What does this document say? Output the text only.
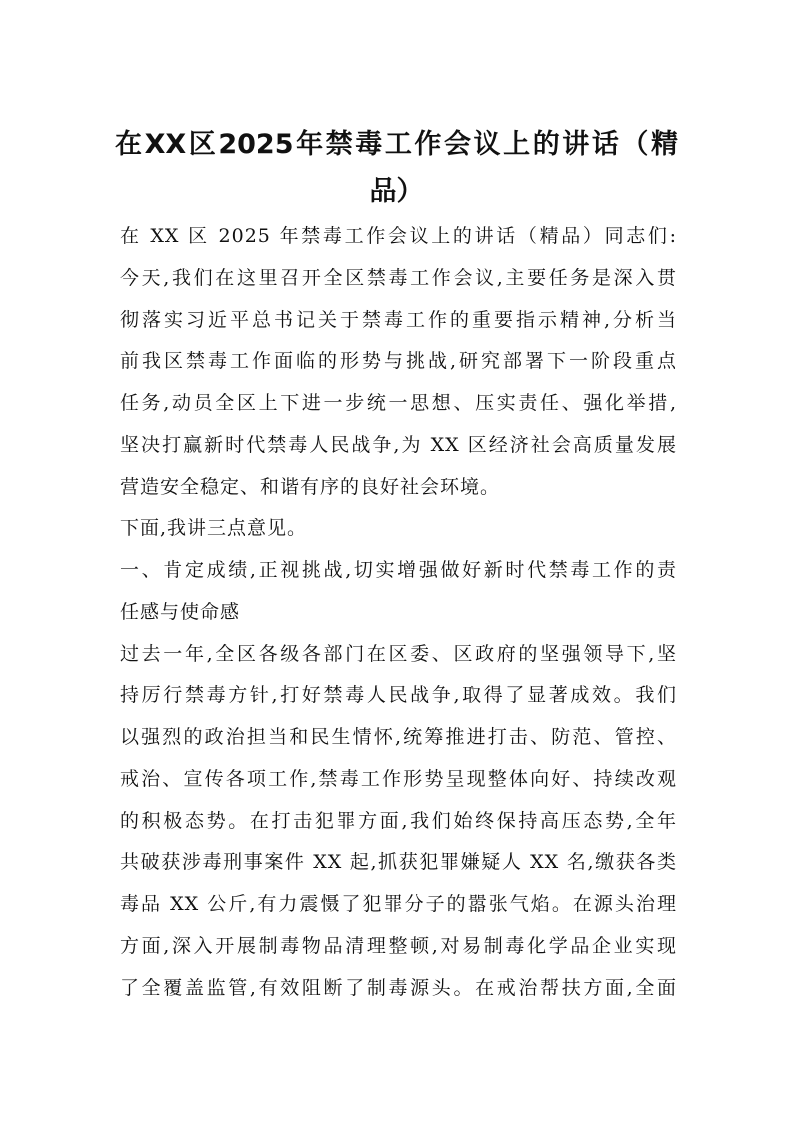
在XX区2025年禁毒工作会议上的讲话（精
品）
在 XX 区 2025 年禁毒工作会议上的讲话（精品）同志们:
今天,我们在这里召开全区禁毒工作会议,主要任务是深入贯
彻落实习近平总书记关于禁毒工作的重要指示精神,分析当
前我区禁毒工作面临的形势与挑战,研究部署下一阶段重点
任务,动员全区上下进一步统一思想、压实责任、强化举措,
坚决打赢新时代禁毒人民战争,为 XX 区经济社会高质量发展
营造安全稳定、和谐有序的良好社会环境。
下面,我讲三点意见。
一、肯定成绩,正视挑战,切实增强做好新时代禁毒工作的责
任感与使命感
过去一年,全区各级各部门在区委、区政府的坚强领导下,坚
持厉行禁毒方针,打好禁毒人民战争,取得了显著成效。我们
以强烈的政治担当和民生情怀,统筹推进打击、防范、管控、
戒治、宣传各项工作,禁毒工作形势呈现整体向好、持续改观
的积极态势。在打击犯罪方面,我们始终保持高压态势,全年
共破获涉毒刑事案件 XX 起,抓获犯罪嫌疑人 XX 名,缴获各类
毒品 XX 公斤,有力震慑了犯罪分子的嚣张气焰。在源头治理
方面,深入开展制毒物品清理整顿,对易制毒化学品企业实现
了全覆盖监管,有效阻断了制毒源头。在戒治帮扶方面,全面
